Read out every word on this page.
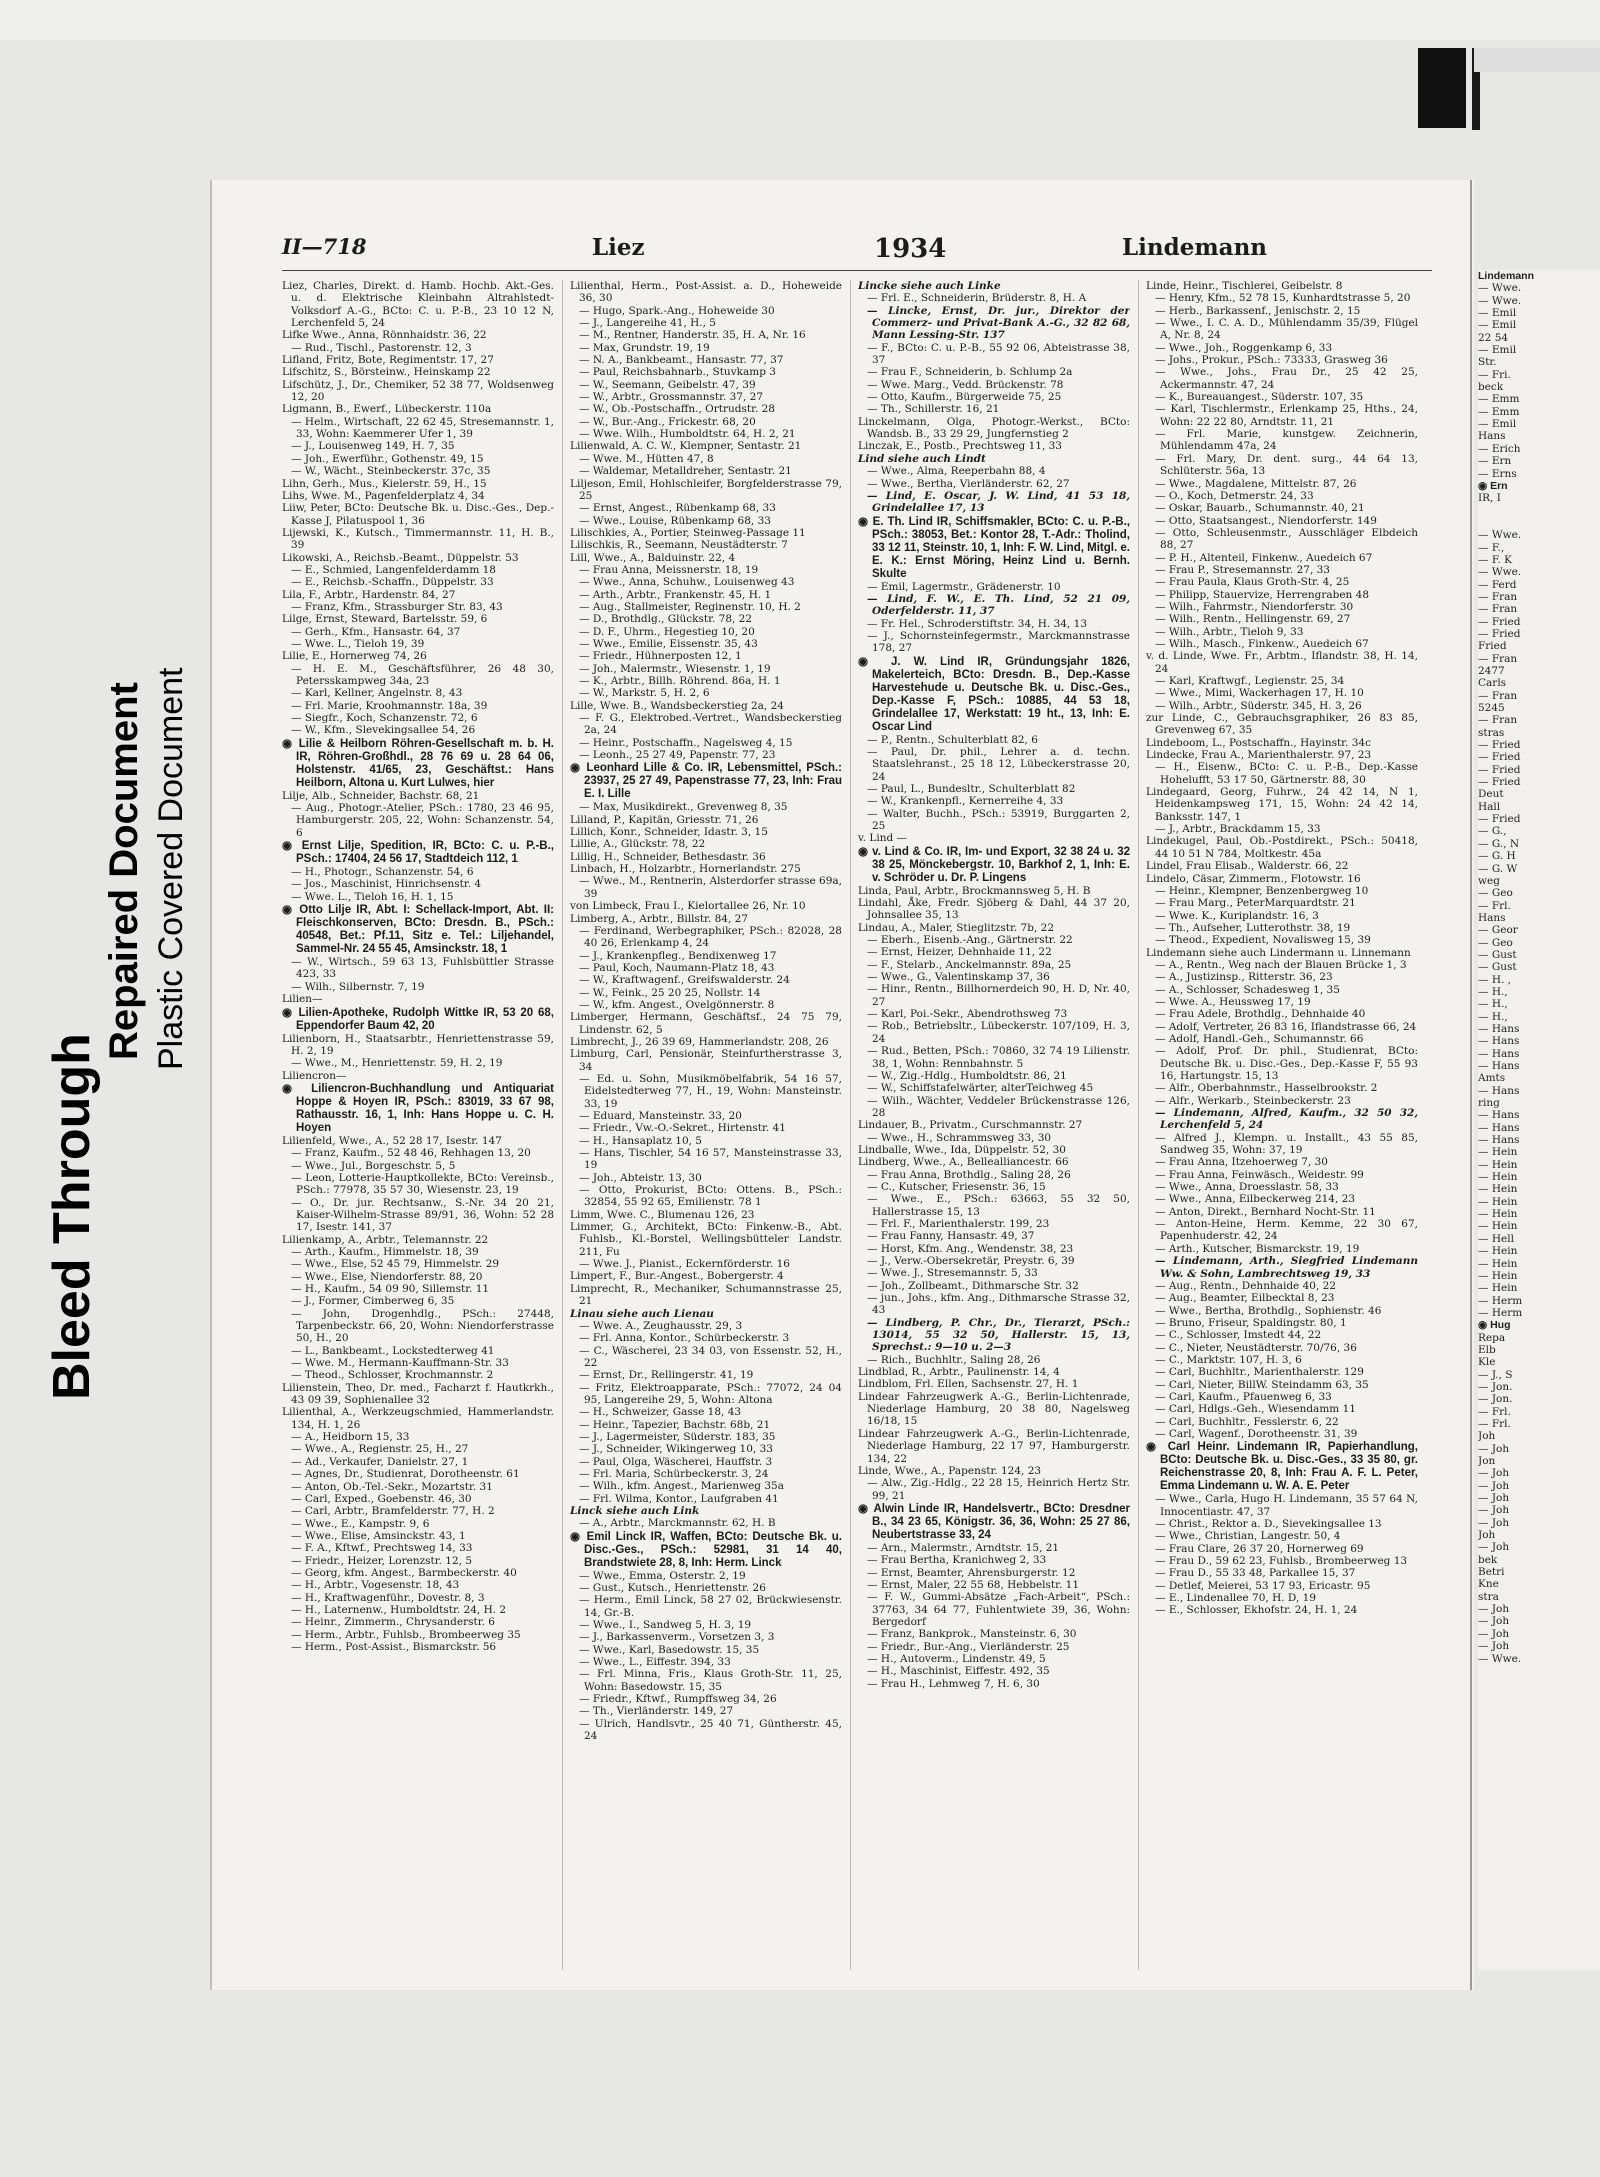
Bleed Through
Repaired Document Plastic Covered Document
II—718	Liez	1934	Lindemann

Liez, Charles, Direkt. d. Hamb. Hochb. Akt.-Ges. u. d. Elektrische Kleinbahn Altrahlstedt-Volksdorf A.-G., BCto: C. u. P.-B., 23 10 12 N, Lerchenfeld 5, 24

Lifke Wwe., Anna, Rönnhaidstr. 36, 22

— Rud., Tischl., Pastorenstr. 12, 3

Lifland, Fritz, Bote, Regimentstr. 17, 27

Lifschitz, S., Börsteinw., Heinskamp 22

Lifschütz, J., Dr., Chemiker, 52 38 77, Woldsenweg 12, 20

Ligmann, B., Ewerf., Lübeckerstr. 110a

— Helm., Wirtschaft, 22 62 45, Stresemannstr. 1, 33, Wohn: Kaemmerer Ufer 1, 39

— J., Louisenweg 149, H. 7, 35

— Joh., Ewerführ., Gothenstr. 49, 15

— W., Wächt., Steinbeckerstr. 37c, 35

Lihn, Gerh., Mus., Kielerstr. 59, H., 15

Lihs, Wwe. M., Pagenfelderplatz 4, 34

Liiw, Peter, BCto: Deutsche Bk. u. Disc.-Ges., Dep.-Kasse J, Pilatuspool 1, 36

Lijewski, K., Kutsch., Timmermannstr. 11, H. B., 39

Likowski, A., Reichsb.-Beamt., Düppelstr. 53

— E., Schmied, Langenfelderdamm 18

— E., Reichsb.-Schaffn., Düppelstr. 33

Lila, F., Arbtr., Hardenstr. 84, 27

— Franz, Kfm., Strassburger Str. 83, 43

Lilge, Ernst, Steward, Bartelsstr. 59, 6

— Gerh., Kfm., Hansastr. 64, 37

— Wwe. L., Tieloh 19, 39

Lilie, E., Hornerweg 74, 26

— H. E. M., Geschäftsführer, 26 48 30, Petersskampweg 34a, 23

— Karl, Kellner, Angelnstr. 8, 43

— Frl. Marie, Kroohmannstr. 18a, 39

— Siegfr., Koch, Schanzenstr. 72, 6

— W., Kfm., Slevekingsallee 54, 26

◉ Lilie & Heilborn Röhren-Gesellschaft m. b. H. IR, Röhren-Großhdl., 28 76 69 u. 28 64 06, Holstenstr. 41/65, 23, Geschäftst.: Hans Heilborn, Altona u. Kurt Lulwes, hier

Lilje, Alb., Schneider, Bachstr. 68, 21

— Aug., Photogr.-Atelier, PSch.: 1780, 23 46 95, Hamburgerstr. 205, 22, Wohn: Schanzenstr. 54, 6

◉ Ernst Lilje, Spedition, IR, BCto: C. u. P.-B., PSch.: 17404, 24 56 17, Stadtdeich 112, 1

— H., Photogr., Schanzenstr. 54, 6

— Jos., Maschinist, Hinrichsenstr. 4

— Wwe. L., Tieloh 16, H. 1, 15

◉ Otto Lilje IR, Abt. I: Schellack-Import, Abt. II: Fleischkonserven, BCto: Dresdn. B., PSch.: 40548, Bet.: Pf.11, Sitz e. Tel.: Liljehandel, Sammel-Nr. 24 55 45, Amsinckstr. 18, 1

— W., Wirtsch., 59 63 13, Fuhlsbüttler Strasse 423, 33

— Wilh., Silbernstr. 7, 19

Lilien—

◉ Lilien-Apotheke, Rudolph Wittke IR, 53 20 68, Eppendorfer Baum 42, 20

Lilienborn, H., Staatsarbtr., Henriettenstrasse 59, H. 2, 19

— Wwe., M., Henriettenstr. 59, H. 2, 19

Liliencron—

◉ Liliencron-Buchhandlung und Antiquariat Hoppe & Hoyen IR, PSch.: 83019, 33 67 98, Rathausstr. 16, 1, Inh: Hans Hoppe u. C. H. Hoyen

Lilienfeld, Wwe., A., 52 28 17, Isestr. 147

— Franz, Kaufm., 52 48 46, Rehhagen 13, 20

— Wwe., Jul., Borgeschstr. 5, 5

— Leon, Lotterie-Hauptkollekte, BCto: Vereinsb., PSch.: 77978, 35 57 30, Wiesenstr. 23, 19

— O., Dr. jur. Rechtsanw., S.-Nr. 34 20 21, Kaiser-Wilhelm-Strasse 89/91, 36, Wohn: 52 28 17, Isestr. 141, 37

Lilienkamp, A., Arbtr., Telemannstr. 22

— Arth., Kaufm., Himmelstr. 18, 39

— Wwe., Else, 52 45 79, Himmelstr. 29

— Wwe., Else, Niendorferstr. 88, 20

— H., Kaufm., 54 09 90, Sillemstr. 11

— J., Former, Cimberweg 6, 35

— John, Drogenhdlg., PSch.: 27448, Tarpenbeckstr. 66, 20, Wohn: Niendorferstrasse 50, H., 20

— L., Bankbeamt., Lockstedterweg 41

— Wwe. M., Hermann-Kauffmann-Str. 33

— Theod., Schlosser, Krochmannstr. 2

Lilienstein, Theo, Dr. med., Facharzt f. Hautkrkh., 43 09 39, Sophienallee 32

Lilienthal, A., Werkzeugschmied, Hammerlandstr. 134, H. 1, 26

— A., Heidborn 15, 33

— Wwe., A., Regienstr. 25, H., 27

— Ad., Verkaufer, Danielstr. 27, 1

— Agnes, Dr., Studienrat, Dorotheenstr. 61

— Anton, Ob.-Tel.-Sekr., Mozartstr. 31

— Carl, Exped., Goebenstr. 46, 30

— Carl, Arbtr., Bramfelderstr. 77, H. 2

— Wwe., E., Kampstr. 9, 6

— Wwe., Elise, Amsinckstr. 43, 1

— F. A., Kftwf., Prechtsweg 14, 33

— Friedr., Heizer, Lorenzstr. 12, 5

— Georg, kfm. Angest., Barmbeckerstr. 40

— H., Arbtr., Vogesenstr. 18, 43

— H., Kraftwagenführ., Dovestr. 8, 3

— H., Laternenw., Humboldtstr. 24, H. 2

— Heinr., Zimmerm., Chrysanderstr. 6

— Herm., Arbtr., Fuhlsb., Brombeerweg 35

— Herm., Post-Assist., Bismarckstr. 56

Lilienthal, Herm., Post-Assist. a. D., Hoheweide 36, 30

— Hugo, Spark.-Ang., Hoheweide 30

— J., Langereihe 41, H., 5

— M., Rentner, Handerstr. 35, H. A, Nr. 16

— Max, Grundstr. 19, 19

— N. A., Bankbeamt., Hansastr. 77, 37

— Paul, Reichsbahnarb., Stuvkamp 3

— W., Seemann, Geibelstr. 47, 39

— W., Arbtr., Grossmannstr. 37, 27

— W., Ob.-Postschaffn., Ortrudstr. 28

— W., Bur.-Ang., Frickestr. 68, 20

— Wwe. Wilh., Humboldtstr. 64, H. 2, 21

Lilienwald, A. C. W., Klempner, Sentastr. 21

— Wwe. M., Hütten 47, 8

— Waldemar, Metalldreher, Sentastr. 21

Liljeson, Emil, Hohlschleifer, Borgfelderstrasse 79, 25

— Ernst, Angest., Rübenkamp 68, 33

— Wwe., Louise, Rübenkamp 68, 33

Lilischkies, A., Portier, Steinweg-Passage 11

Lilischkis, R., Seemann, Neustädterstr. 7

Lill, Wwe., A., Balduinstr. 22, 4

— Frau Anna, Meissnerstr. 18, 19

— Wwe., Anna, Schuhw., Louisenweg 43

— Arth., Arbtr., Frankenstr. 45, H. 1

— Aug., Stallmeister, Reginenstr. 10, H. 2

— D., Brothdlg., Glückstr. 78, 22

— D. F., Uhrm., Hegestieg 10, 20

— Wwe., Emilie, Eissenstr. 35, 43

— Friedr., Hühnerposten 12, 1

— Joh., Malermstr., Wiesenstr. 1, 19

— K., Arbtr., Billh. Röhrend. 86a, H. 1

— W., Markstr. 5, H. 2, 6

Lille, Wwe. B., Wandsbeckerstieg 2a, 24

— F. G., Elektrobed.-Vertret., Wandsbeckerstieg 2a, 24

— Heinr., Postschaffn., Nagelsweg 4, 15

— Leonh., 25 27 49, Papenstr. 77, 23

◉ Leonhard Lille & Co. IR, Lebensmittel, PSch.: 23937, 25 27 49, Papenstrasse 77, 23, Inh: Frau E. I. Lille

— Max, Musikdirekt., Grevenweg 8, 35

Lilland, P., Kapitän, Griesstr. 71, 26

Lillich, Konr., Schneider, Idastr. 3, 15

Lillie, A., Glückstr. 78, 22

Lillig, H., Schneider, Bethesdastr. 36

Linbach, H., Holzarbtr., Hornerlandstr. 275

— Wwe., M., Rentnerin, Alsterdorfer strasse 69a, 39

von Limbeck, Frau I., Kielortallee 26, Nr. 10

Limberg, A., Arbtr., Billstr. 84, 27

— Ferdinand, Werbegraphiker, PSch.: 82028, 28 40 26, Erlenkamp 4, 24

— J., Krankenpfleg., Bendixenweg 17

— Paul, Koch, Naumann-Platz 18, 43

— W., Kraftwagenf., Greifswalderstr. 24

— W., Feink., 25 20 25, Nollstr. 14

— W., kfm. Angest., Ovelgönnerstr. 8

Limberger, Hermann, Geschäftsf., 24 75 79, Lindenstr. 62, 5

Limbrecht, J., 26 39 69, Hammerlandstr. 208, 26

Limburg, Carl, Pensionär, Steinfurtherstrasse 3, 34

— Ed. u. Sohn, Musikmöbelfabrik, 54 16 57, Eidelstedterweg 77, H., 19, Wohn: Mansteinstr. 33, 19

— Eduard, Mansteinstr. 33, 20

— Friedr., Vw.-O.-Sekret., Hirtenstr. 41

— H., Hansaplatz 10, 5

— Hans, Tischler, 54 16 57, Mansteinstrasse 33, 19

— Joh., Abteistr. 13, 30

— Otto, Prokurist, BCto: Ottens. B., PSch.: 32854, 55 92 65, Emilienstr. 78 1

Limm, Wwe. C., Blumenau 126, 23

Limmer, G., Architekt, BCto: Finkenw.-B., Abt. Fuhlsb., Kl.-Borstel, Wellingsbütteler Landstr. 211, Fu

— Wwe. J., Pianist., Eckernförderstr. 16

Limpert, F., Bur.-Angest., Bobergerstr. 4

Limprecht, R., Mechaniker, Schumannstrasse 25, 21

Linau siehe auch Lienau

— Wwe. A., Zeughausstr. 29, 3

— Frl. Anna, Kontor., Schürbeckerstr. 3

— C., Wäscherei, 23 34 03, von Essenstr. 52, H., 22

— Ernst, Dr., Rellingerstr. 41, 19

— Fritz, Elektroapparate, PSch.: 77072, 24 04 95, Langereihe 29, 5, Wohn: Altona

— H., Schweizer, Gasse 18, 43

— Heinr., Tapezier, Bachstr. 68b, 21

— J., Lagermeister, Süderstr. 183, 35

— J., Schneider, Wikingerweg 10, 33

— Paul, Olga, Wäscherei, Hauffstr. 3

— Frl. Maria, Schürbeckerstr. 3, 24

— Wilh., kfm. Angest., Marienweg 35a

— Frl. Wilma, Kontor., Laufgraben 41

Linck siehe auch Link

— A., Arbtr., Marckmannstr. 62, H. B

◉ Emil Linck IR, Waffen, BCto: Deutsche Bk. u. Disc.-Ges., PSch.: 52981, 31 14 40, Brandstwiete 28, 8, Inh: Herm. Linck

— Wwe., Emma, Osterstr. 2, 19

— Gust., Kutsch., Henriettenstr. 26

— Herm., Emil Linck, 58 27 02, Brückwiesenstr. 14, Gr.-B.

— Wwe., I., Sandweg 5, H. 3, 19

— J., Barkassenverm., Vorsetzen 3, 3

— Wwe., Karl, Basedowstr. 15, 35

— Wwe., L., Eiffestr. 394, 33

— Frl. Minna, Fris., Klaus Groth-Str. 11, 25, Wohn: Basedowstr. 15, 35

— Friedr., Kftwf., Rumpffsweg 34, 26

— Th., Vierländerstr. 149, 27

— Ulrich, Handlsvtr., 25 40 71, Güntherstr. 45, 24

Lincke siehe auch Linke

— Frl. E., Schneiderin, Brüderstr. 8, H. A

— Lincke, Ernst, Dr. jur., Direktor der Commerz- und Privat-Bank A.-G., 32 82 68, Mann Lessing-Str. 137

— F., BCto: C. u. P.-B., 55 92 06, Abteistrasse 38, 37

— Frau F., Schneiderin, b. Schlump 2a

— Wwe. Marg., Vedd. Brückenstr. 78

— Otto, Kaufm., Bürgerweide 75, 25

— Th., Schillerstr. 16, 21

Linckelmann, Olga, Photogr.-Werkst., BCto: Wandsb. B., 33 29 29, Jungfernstieg 2

Linczak, E., Postb., Prechtsweg 11, 33

Lind siehe auch Lindt

— Wwe., Alma, Reeperbahn 88, 4

— Wwe., Bertha, Vierländerstr. 62, 27

— Lind, E. Oscar, J. W. Lind, 41 53 18, Grindelallee 17, 13

◉ E. Th. Lind IR, Schiffsmakler, BCto: C. u. P.-B., PSch.: 38053, Bet.: Kontor 28, T.-Adr.: Tholind, 33 12 11, Steinstr. 10, 1, Inh: F. W. Lind, Mitgl. e. E. K.: Ernst Möring, Heinz Lind u. Bernh. Skulte

— Emil, Lagermstr., Grädenerstr. 10

— Lind, F. W., E. Th. Lind, 52 21 09, Oderfelderstr. 11, 37

— Fr. Hel., Schroderstiftstr. 34, H. 34, 13

— J., Schornsteinfegermstr., Marckmannstrasse 178, 27

◉ J. W. Lind IR, Gründungsjahr 1826, Makelerteich, BCto: Dresdn. B., Dep.-Kasse Harvestehude u. Deutsche Bk. u. Disc.-Ges., Dep.-Kasse F, PSch.: 10885, 44 53 18, Grindelallee 17, Werkstatt: 19 ht., 13, Inh: E. Oscar Lind

— P., Rentn., Schulterblatt 82, 6

— Paul, Dr. phil., Lehrer a. d. techn. Staatslehranst., 25 18 12, Lübeckerstrasse 20, 24

— Paul, L., Bundesltr., Schulterblatt 82

— W., Krankenpfl., Kernerreihe 4, 33

— Walter, Buchh., PSch.: 53919, Burggarten 2, 25

v. Lind —

◉ v. Lind & Co. IR, Im- und Export, 32 38 24 u. 32 38 25, Mönckebergstr. 10, Barkhof 2, 1, Inh: E. v. Schröder u. Dr. P. Lingens

Linda, Paul, Arbtr., Brockmannsweg 5, H. B

Lindahl, Åke, Fredr. Sjöberg & Dahl, 44 37 20, Johnsallee 35, 13

Lindau, A., Maler, Stieglitzstr. 7b, 22

— Eberh., Eisenb.-Ang., Gärtnerstr. 22

— Ernst, Heizer, Dehnhaide 11, 22

— F., Stelarb., Anckelmannstr. 89a, 25

— Wwe., G., Valentinskamp 37, 36

— Hinr., Rentn., Billhornerdeich 90, H. D, Nr. 40, 27

— Karl, Poi.-Sekr., Abendrothsweg 73

— Rob., Betriebsltr., Lübeckerstr. 107/109, H. 3, 24

— Rud., Betten, PSch.: 70860, 32 74 19 Lilienstr. 38, 1, Wohn: Rennbahnstr. 5

— W., Zig.-Hdlg., Humboldtstr. 86, 21

— W., Schiffstafelwärter, alterTeichweg 45

— Wilh., Wächter, Veddeler Brückenstrasse 126, 28

Lindauer, B., Privatm., Curschmannstr. 27

— Wwe., H., Schrammsweg 33, 30

Lindballe, Wwe., Ida, Düppelstr. 52, 30

Lindberg, Wwe., A., Bellealliancestr. 66

— Frau Anna, Brothdlg., Saling 28, 26

— C., Kutscher, Friesenstr. 36, 15

— Wwe., E., PSch.: 63663, 55 32 50, Hallerstrasse 15, 13

— Frl. F., Marienthalerstr. 199, 23

— Frau Fanny, Hansastr. 49, 37

— Horst, Kfm. Ang., Wendenstr. 38, 23

— J., Verw.-Obersekretär, Preystr. 6, 39

— Wwe. J., Stresemannstr. 5, 33

— Joh., Zollbeamt., Dithmarsche Str. 32

— jun., Johs., kfm. Ang., Dithmarsche Strasse 32, 43

— Lindberg, P. Chr., Dr., Tierarzt, PSch.: 13014, 55 32 50, Hallerstr. 15, 13, Sprechst.: 9—10 u. 2—3

— Rich., Buchhltr., Saling 28, 26

Lindblad, R., Arbtr., Paulinenstr. 14, 4

Lindblom, Frl. Ellen, Sachsenstr. 27, H. 1

Lindear Fahrzeugwerk A.-G., Berlin-Lichtenrade, Niederlage Hamburg, 20 38 80, Nagelsweg 16/18, 15

Lindear Fahrzeugwerk A.-G., Berlin-Lichtenrade, Niederlage Hamburg, 22 17 97, Hamburgerstr. 134, 22

Linde, Wwe., A., Papenstr. 124, 23

— Alw., Zig.-Hdlg., 22 28 15, Heinrich Hertz Str. 99, 21

◉ Alwin Linde IR, Handelsvertr., BCto: Dresdner B., 34 23 65, Königstr. 36, 36, Wohn: 25 27 86, Neubertstrasse 33, 24

— Arn., Malermstr., Arndtstr. 15, 21

— Frau Bertha, Kranichweg 2, 33

— Ernst, Beamter, Ahrensburgerstr. 12

— Ernst, Maler, 22 55 68, Hebbelstr. 11

— F. W., Gummi-Absätze „Fach-Arbeit“, PSch.: 37763, 34 64 77, Fuhlentwiete 39, 36, Wohn: Bergedorf

— Franz, Bankprok., Mansteinstr. 6, 30

— Friedr., Bur.-Ang., Vierländerstr. 25

— H., Autoverm., Lindenstr. 49, 5

— H., Maschinist, Eiffestr. 492, 35

— Frau H., Lehmweg 7, H. 6, 30

Linde, Heinr., Tischlerei, Geibelstr. 8

— Henry, Kfm., 52 78 15, Kunhardtstrasse 5, 20

— Herb., Barkassenf., Jenischstr. 2, 15

— Wwe., I. C. A. D., Mühlendamm 35/39, Flügel A, Nr. 8, 24

— Wwe., Joh., Roggenkamp 6, 33

— Johs., Prokur., PSch.: 73333, Grasweg 36

— Wwe., Johs., Frau Dr., 25 42 25, Ackermannstr. 47, 24

— K., Bureauangest., Süderstr. 107, 35

— Karl, Tischlermstr., Erlenkamp 25, Hths., 24, Wohn: 22 22 80, Arndtstr. 11, 21

— Frl. Marie, kunstgew. Zeichnerin, Mühlendamm 47a, 24

— Frl. Mary, Dr. dent. surg., 44 64 13, Schlüterstr. 56a, 13

— Wwe., Magdalene, Mittelstr. 87, 26

— O., Koch, Detmerstr. 24, 33

— Oskar, Bauarb., Schumannstr. 40, 21

— Otto, Staatsangest., Niendorferstr. 149

— Otto, Schleusenmstr., Ausschläger Elbdeich 88, 27

— P. H., Altenteil, Finkenw., Auedeich 67

— Frau P., Stresemannstr. 27, 33

— Frau Paula, Klaus Groth-Str. 4, 25

— Philipp, Stauervize, Herrengraben 48

— Wilh., Fahrmstr., Niendorferstr. 30

— Wilh., Rentn., Hellingenstr. 69, 27

— Wilh., Arbtr., Tieloh 9, 33

— Wilh., Masch., Finkenw., Auedeich 67

v. d. Linde, Wwe. Fr., Arbtm., Iflandstr. 38, H. 14, 24

— Karl, Kraftwgf., Legienstr. 25, 34

— Wwe., Mimi, Wackerhagen 17, H. 10

— Wilh., Arbtr., Süderstr. 345, H. 3, 26

zur Linde, C., Gebrauchsgraphiker, 26 83 85, Grevenweg 67, 35

Lindeboom, L., Postschaffn., Hayinstr. 34c

Lindecke, Frau A., Marienthalerstr. 97, 23

— H., Eisenw., BCto: C. u. P.-B., Dep.-Kasse Hohelufft, 53 17 50, Gärtnerstr. 88, 30

Lindegaard, Georg, Fuhrw., 24 42 14, N 1, Heidenkampsweg 171, 15, Wohn: 24 42 14, Banksstr. 147, 1

— J., Arbtr., Brackdamm 15, 33

Lindekugel, Paul, Ob.-Postdirekt., PSch.: 50418, 44 10 51 N 784, Moltkestr. 45a

Lindel, Frau Elisab., Walderstr. 66, 22

Lindelo, Cäsar, Zimmerm., Flotowstr. 16

— Heinr., Klempner, Benzenbergweg 10

— Frau Marg., PeterMarquardtstr. 21

— Wwe. K., Kuriplandstr. 16, 3

— Th., Aufseher, Lutterothstr. 38, 19

— Theod., Expedient, Novalisweg 15, 39

Lindemann siehe auch Lindermann u. Linnemann

— A., Rentn., Weg nach der Blauen Brücke 1, 3

— A., Justizinsp., Ritterstr. 36, 23

— A., Schlosser, Schadesweg 1, 35

— Wwe. A., Heussweg 17, 19

— Frau Adele, Brothdlg., Dehnhaide 40

— Adolf, Vertreter, 26 83 16, Iflandstrasse 66, 24

— Adolf, Handl.-Geh., Schumannstr. 66

— Adolf, Prof. Dr. phil., Studienrat, BCto: Deutsche Bk. u. Disc.-Ges., Dep.-Kasse F, 55 93 16, Hartungstr. 15, 13

— Alfr., Oberbahnmstr., Hasselbrookstr. 2

— Alfr., Werkarb., Steinbeckerstr. 23

— Lindemann, Alfred, Kaufm., 32 50 32, Lerchenfeld 5, 24

— Alfred J., Klempn. u. Installt., 43 55 85, Sandweg 35, Wohn: 37, 19

— Frau Anna, Itzehoerweg 7, 30

— Frau Anna, Feinwäsch., Weidestr. 99

— Wwe., Anna, Droesslastr. 58, 33

— Wwe., Anna, Eilbeckerweg 214, 23

— Anton, Direkt., Bernhard Nocht-Str. 11

— Anton-Heine, Herm. Kemme, 22 30 67, Papenhuderstr. 42, 24

— Arth., Kutscher, Bismarckstr. 19, 19

— Lindemann, Arth., Siegfried Lindemann Ww. & Sohn, Lambrechtsweg 19, 33

— Aug., Rentn., Dehnhaide 40, 22

— Aug., Beamter, Eilbecktal 8, 23

— Wwe., Bertha, Brothdlg., Sophienstr. 46

— Bruno, Friseur, Spaldingstr. 80, 1

— C., Schlosser, Imstedt 44, 22

— C., Nieter, Neustädterstr. 70/76, 36

— C., Marktstr. 107, H. 3, 6

— Carl, Buchhltr., Marienthalerstr. 129

— Carl, Nieter, BillW. Steindamm 63, 35

— Carl, Kaufm., Pfauenweg 6, 33

— Carl, Hdlgs.-Geh., Wiesendamm 11

— Carl, Buchhltr., Fesslerstr. 6, 22

— Carl, Wagenf., Dorotheenstr. 31, 39

◉ Carl Heinr. Lindemann IR, Papierhandlung, BCto: Deutsche Bk. u. Disc.-Ges., 33 35 80, gr. Reichenstrasse 20, 8, Inh: Frau A. F. L. Peter, Emma Lindemann u. W. A. E. Peter

— Wwe., Carla, Hugo H. Lindemann, 35 57 64 N, Innocentiastr. 47, 37

— Christ., Rektor a. D., Sievekingsallee 13

— Wwe., Christian, Langestr. 50, 4

— Frau Clare, 26 37 20, Hornerweg 69

— Frau D., 59 62 23, Fuhlsb., Brombeerweg 13

— Frau D., 55 33 48, Parkallee 15, 37

— Detlef, Meierei, 53 17 93, Ericastr. 95

— E., Lindenallee 70, H. D, 19

— E., Schlosser, Ekhofstr. 24, H. 1, 24

Lindemann
— Wwe.
— Wwe.
— Emil
— Emil
22 54
— Emil
Str.
— Fri.
beck
— Emm
— Emm
— Emil
Hans
— Erich
— Ern
— Erns
◉ Ern
IR, I

— Wwe.
— F.,
— F. K
— Wwe.
— Ferd
— Fran
— Fran
— Fried
— Fried
Fried
— Fran
2477
Carls
— Fran
5245
— Fran
stras
— Fried
— Fried
— Fried
— Fried
Deut
Hall
— Fried
— G.,
— G., N
— G. H
— G. W
weg
— Geo
— Frl.
Hans
— Geor
— Geo
— Gust
— Gust
— H. ,
— H.,
— H.,
— H.,
— Hans
— Hans
— Hans
— Hans
Amts
— Hans
ring
— Hans
— Hans
— Hans
— Hein
— Hein
— Hein
— Hein
— Hein
— Hein
— Hein
— Hell
— Hein
— Hein
— Hein
— Hein
— Herm
— Herm
◉ Hug
Repa
Elb
Kle
— J., S
— Jon.
— Jon.
— Frl.
— Frl.
Joh
— Joh
Jon
— Joh
— Joh
— Joh
— Joh
— Joh
Joh
— Joh
bek
Betri
Kne
stra
— Joh
— Joh
— Joh
— Joh
— Wwe.
